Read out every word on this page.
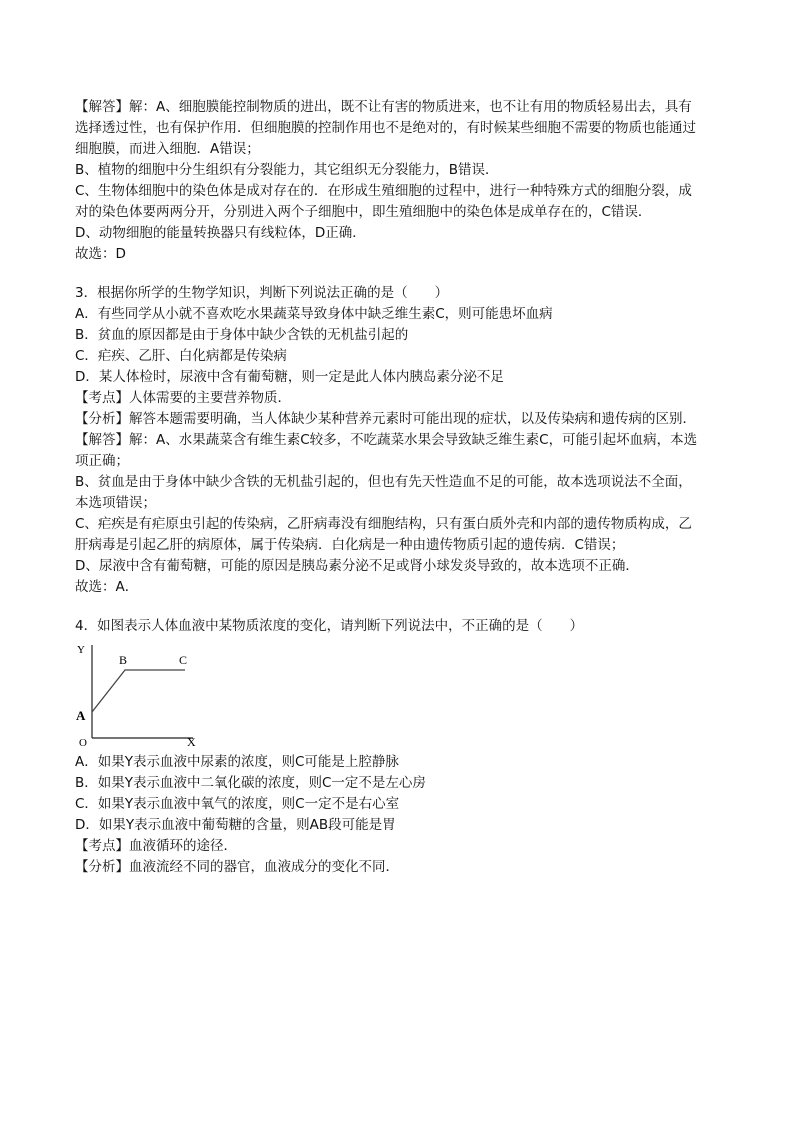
【解答】解：A、细胞膜能控制物质的进出，既不让有害的物质进来，也不让有用的物质轻易出去，具有
选择透过性，也有保护作用．但细胞膜的控制作用也不是绝对的，有时候某些细胞不需要的物质也能通过
细胞膜，而进入细胞．A错误；
B、植物的细胞中分生组织有分裂能力，其它组织无分裂能力，B错误．
C、生物体细胞中的染色体是成对存在的．在形成生殖细胞的过程中，进行一种特殊方式的细胞分裂，成
对的染色体要两两分开，分别进入两个子细胞中，即生殖细胞中的染色体是成单存在的，C错误．
D、动物细胞的能量转换器只有线粒体，D正确．
故选：D
3．根据你所学的生物学知识，判断下列说法正确的是（　　）
A．有些同学从小就不喜欢吃水果蔬菜导致身体中缺乏维生素C，则可能患坏血病
B．贫血的原因都是由于身体中缺少含铁的无机盐引起的
C．疟疾、乙肝、白化病都是传染病
D．某人体检时，尿液中含有葡萄糖，则一定是此人体内胰岛素分泌不足
【考点】人体需要的主要营养物质．
【分析】解答本题需要明确，当人体缺少某种营养元素时可能出现的症状，以及传染病和遗传病的区别．
【解答】解：A、水果蔬菜含有维生素C较多，不吃蔬菜水果会导致缺乏维生素C，可能引起坏血病，本选
项正确；
B、贫血是由于身体中缺少含铁的无机盐引起的，但也有先天性造血不足的可能，故本选项说法不全面，
本选项错误；
C、疟疾是有疟原虫引起的传染病，乙肝病毒没有细胞结构，只有蛋白质外壳和内部的遗传物质构成，乙
肝病毒是引起乙肝的病原体，属于传染病．白化病是一种由遗传物质引起的遗传病．C错误；
D、尿液中含有葡萄糖，可能的原因是胰岛素分泌不足或肾小球发炎导致的，故本选项不正确．
故选：A．
4．如图表示人体血液中某物质浓度的变化，请判断下列说法中，不正确的是（　　）
Y
X
O
A
B	C
A．如果Y表示血液中尿素的浓度，则C可能是上腔静脉
B．如果Y表示血液中二氧化碳的浓度，则C一定不是左心房
C．如果Y表示血液中氧气的浓度，则C一定不是右心室
D．如果Y表示血液中葡萄糖的含量，则AB段可能是胃
【考点】血液循环的途径．
【分析】血液流经不同的器官，血液成分的变化不同．
